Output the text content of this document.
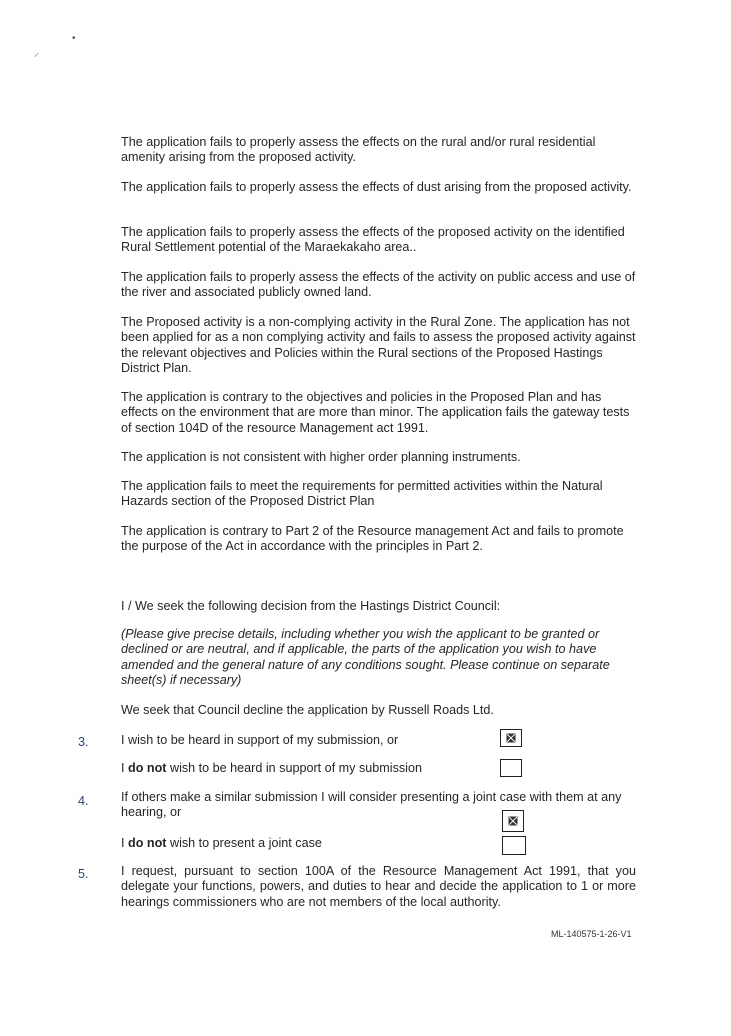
•
⸝

The application fails to properly assess the effects on the rural and/or rural residential amenity arising from the proposed activity.

The application fails to properly assess the effects of dust arising from the proposed activity.

The application fails to properly assess the effects of the proposed activity on the identified Rural Settlement potential of the Maraekakaho area..

The application fails to properly assess the effects of the activity on public access and use of the river and associated publicly owned land.

The Proposed activity is a non-complying activity in the Rural Zone. The application has not been applied for as a non complying activity and fails to assess the proposed activity against the relevant objectives and Policies within the Rural sections of the Proposed Hastings District Plan.

The application is contrary to the objectives and policies in the Proposed Plan and has effects on the environment that are more than minor. The application fails the gateway tests of section 104D of the resource Management act 1991.

The application is not consistent with higher order planning instruments.

The application fails to meet the requirements for permitted activities within the Natural Hazards section of the Proposed District Plan

The application is contrary to Part 2 of the Resource management Act and fails to promote the purpose of the Act in accordance with the principles in Part 2.

I / We seek the following decision from the Hastings District Council:

(Please give precise details, including whether you wish the applicant to be granted or declined or are neutral, and if applicable, the parts of the application you wish to have amended and the general nature of any conditions sought. Please continue on separate sheet(s) if necessary)

We seek that Council decline the application by Russell Roads Ltd.

3.	I wish to be heard in support of my submission, or

I do not wish to be heard in support of my submission

4.	If others make a similar submission I will consider presenting a joint case with them at any hearing, or

I do not wish to present a joint case

5.	I request, pursuant to section 100A of the Resource Management Act 1991, that you delegate your functions, powers, and duties to hear and decide the application to 1 or more hearings commissioners who are not members of the local authority.

ML-140575-1-26-V1
